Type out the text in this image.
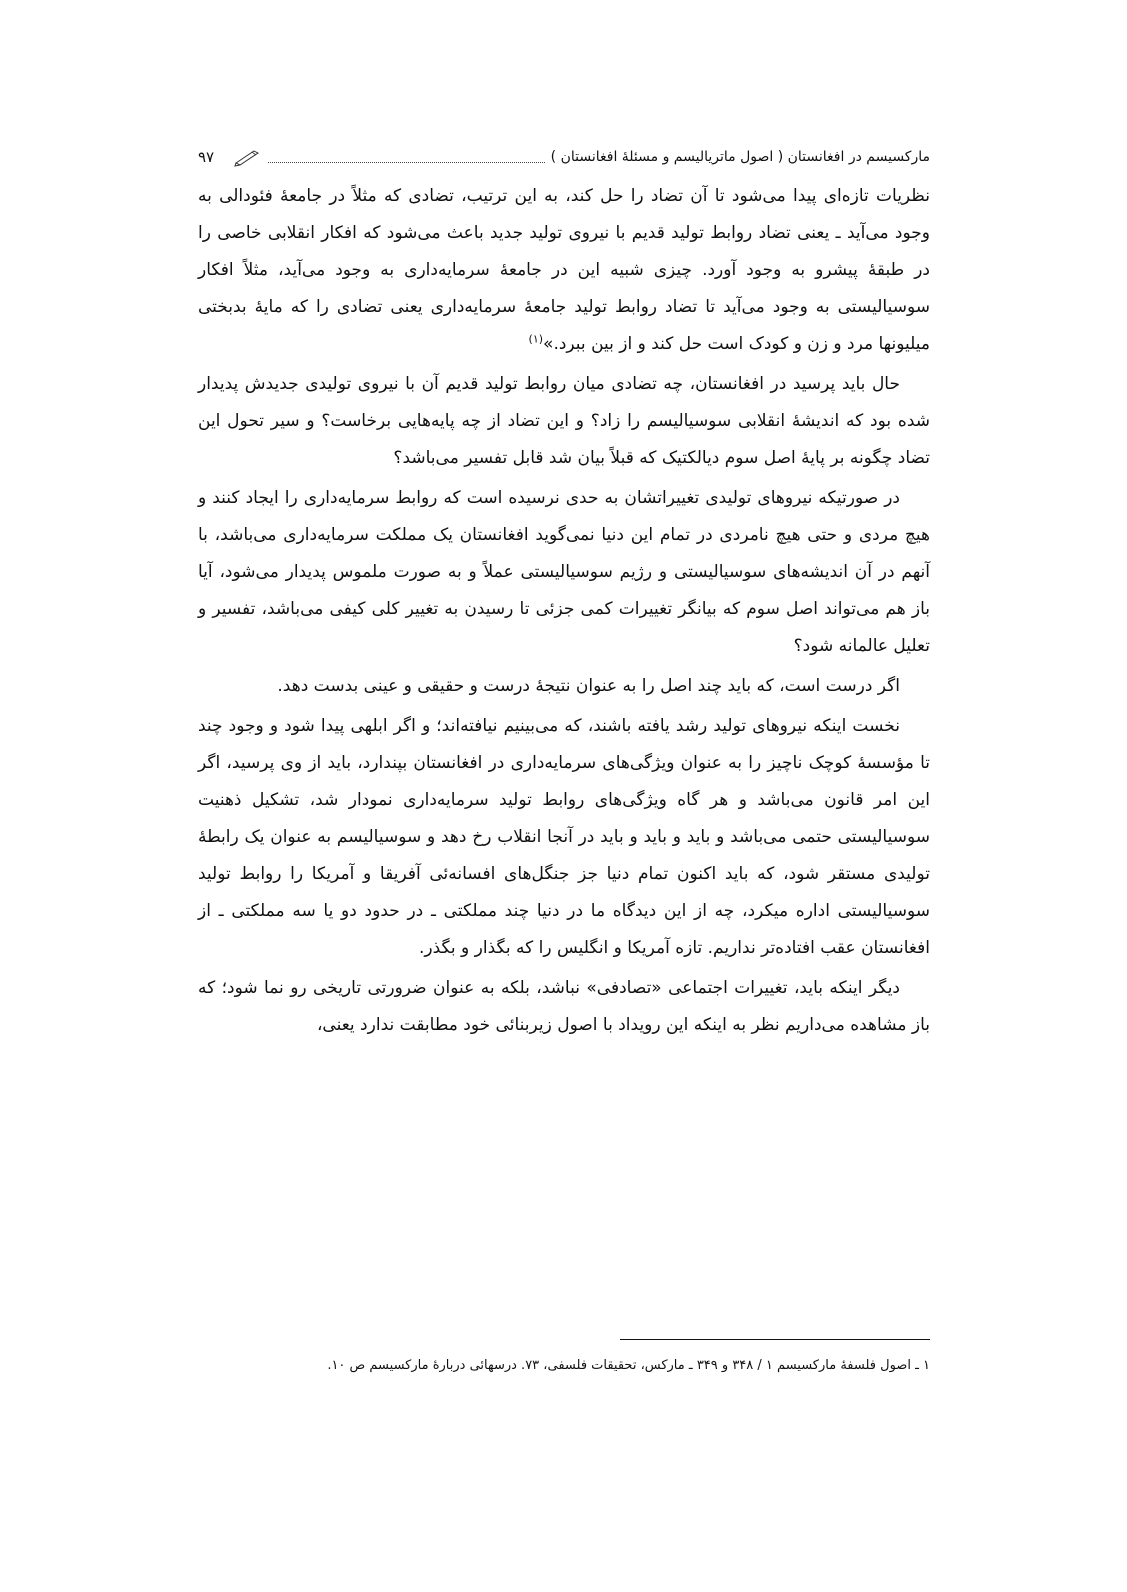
مارکسیسم در افغانستان ( اصول ماتریالیسم و مسئلهٔ افغانستان )
۹۷

نظریات تازه‌ای پیدا می‌شود تا آن تضاد را حل کند، به این ترتیب، تضادی که مثلاً در جامعهٔ فئودالی به وجود می‌آید ـ یعنی تضاد روابط تولید قدیم با نیروی تولید جدید باعث می‌شود که افکار انقلابی خاصی را در طبقهٔ پیشرو به وجود آورد. چیزی شبیه این در جامعهٔ سرمایه‌داری به وجود می‌آید، مثلاً افکار سوسیالیستی به وجود می‌آید تا تضاد روابط تولید جامعهٔ سرمایه‌داری یعنی تضادی را که مایهٔ بدبختی میلیونها مرد و زن و کودک است حل کند و از بین ببرد.»$^{(۱)}$

حال باید پرسید در افغانستان، چه تضادی میان روابط تولید قدیم آن با نیروی تولیدی جدیدش پدیدار شده بود که اندیشهٔ انقلابی سوسیالیسم را زاد؟ و این تضاد از چه پایه‌هایی برخاست؟ و سیر تحول این تضاد چگونه بر پایهٔ اصل سوم دیالکتیک که قبلاً بیان شد قابل تفسیر می‌باشد؟

در صورتیکه نیروهای تولیدی تغییراتشان به حدی نرسیده است که روابط سرمایه‌داری را ایجاد کنند و هیچ مردی و حتی هیچ نامردی در تمام این دنیا نمی‌گوید افغانستان یک مملکت سرمایه‌داری می‌باشد، با آنهم در آن اندیشه‌های سوسیالیستی و رژیم سوسیالیستی عملاً و به صورت ملموس پدیدار می‌شود، آیا باز هم می‌تواند اصل سوم که بیانگر تغییرات کمی جزئی تا رسیدن به تغییر کلی کیفی می‌باشد، تفسیر و تعلیل عالمانه شود؟

اگر درست است، که باید چند اصل را به عنوان نتیجهٔ درست و حقیقی و عینی بدست دهد.

نخست اینکه نیروهای تولید رشد یافته باشند، که می‌بینیم نیافته‌اند؛ و اگر ابلهی پیدا شود و وجود چند تا مؤسسهٔ کوچک ناچیز را به عنوان ویژگی‌های سرمایه‌داری در افغانستان بپندارد، باید از وی پرسید، اگر این امر قانون می‌باشد و هر گاه ویژگی‌های روابط تولید سرمایه‌داری نمودار شد، تشکیل ذهنیت سوسیالیستی حتمی می‌باشد و باید و باید و باید در آنجا انقلاب رخ دهد و سوسیالیسم به عنوان یک رابطهٔ تولیدی مستقر شود، که باید اکنون تمام دنیا جز جنگل‌های افسانه‌ئی آفریقا و آمریکا را روابط تولید سوسیالیستی اداره میکرد، چه از این دیدگاه ما در دنیا چند مملکتی ـ در حدود دو یا سه مملکتی ـ از افغانستان عقب افتاده‌تر نداریم. تازه آمریکا و انگلیس را که بگذار و بگذر.

دیگر اینکه باید، تغییرات اجتماعی «تصادفی» نباشد، بلکه به عنوان ضرورتی تاریخی رو نما شود؛ که باز مشاهده می‌داریم نظر به اینکه این رویداد با اصول زیربنائی خود مطابقت ندارد یعنی،

۱ ـ اصول فلسفهٔ مارکسیسم ۱ / ۳۴۸ و ۳۴۹ ـ مارکس، تحقیقات فلسفی، ۷۳. درسهائی دربارهٔ مارکسیسم ص ۱۰.
